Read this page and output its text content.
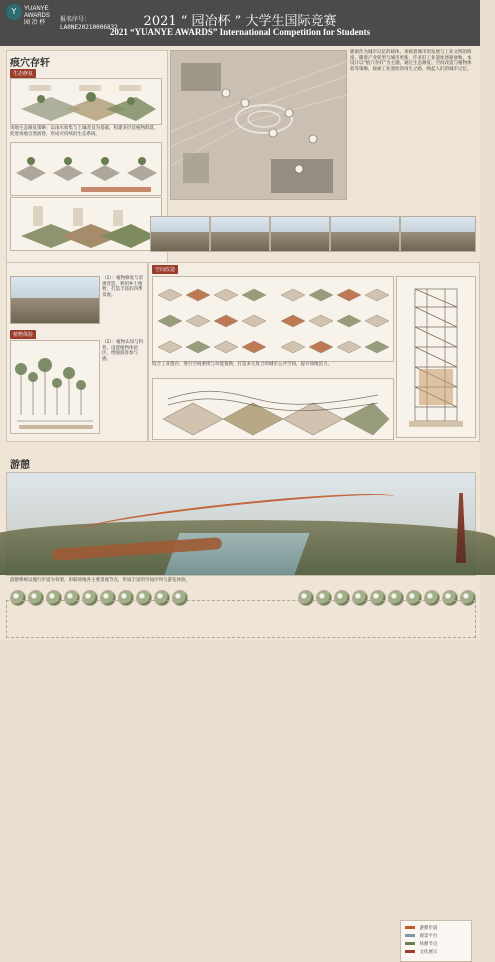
Y	YUANYE
AWARDS
园 冶 杯	报名序号：
LA0NE20210006832	2021 “ 园冶杯 ” 大学生国际竞赛
2021 “YUANYE AWARDS” International Competition for Students
痕穴存轩
生态修复
场地生态修复策略：以雨水收集与土壤改良为基础，构建多层次植物群落，促进场地自然演替，形成可持续的生态系统。
鹿洞作为城市记忆的载体，承载着城市的发展与工业文明的辉煌。随着产业转型与城市更新，许多旧工业遗址逐渐衰败。本设计以“痕穴存轩”为主题，通过生态修复、空间改造与植物体验等策略，探索工业遗址的再生之路，唤起人们的城市记忆。
植物体验
（1）：植物修复与景观营造，利用乡土植物，打造丰富的四季景观。
（2）：植物认知与科普，设置植物体验区，增强游客参与感。
空间改造
结合工业遗存，进行空间重组与功能置换，打造多元复合的城市公共空间，提升场地活力。
游憩
游憩步道
观景平台
休憩节点
文化展示
游憩系统以慢行步道为骨架，串联场地各主要景观节点，形成丰富的空间序列与游览体验。
